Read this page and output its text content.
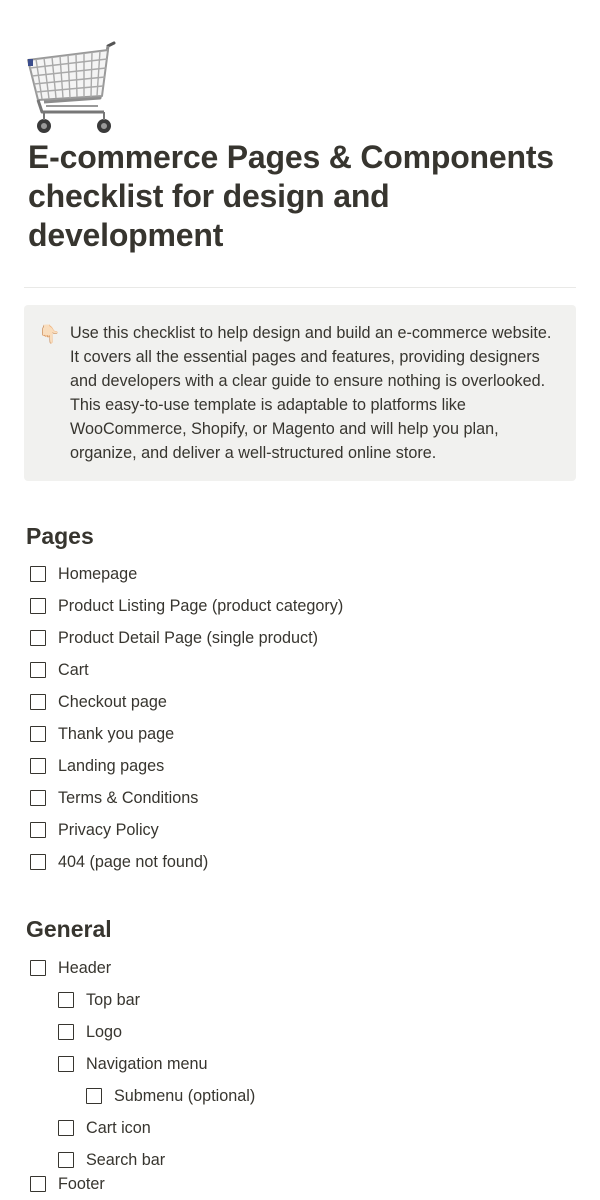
E-commerce Pages & Components checklist for design and development
👇🏻 Use this checklist to help design and build an e-commerce website. It covers all the essential pages and features, providing designers and developers with a clear guide to ensure nothing is overlooked. This easy-to-use template is adaptable to platforms like WooCommerce, Shopify, or Magento and will help you plan, organize, and deliver a well-structured online store.
Pages
Homepage
Product Listing Page (product category)
Product Detail Page (single product)
Cart
Checkout page
Thank you page
Landing pages
Terms & Conditions
Privacy Policy
404 (page not found)
General
Header
Top bar
Logo
Navigation menu
Submenu (optional)
Cart icon
Search bar
Footer
